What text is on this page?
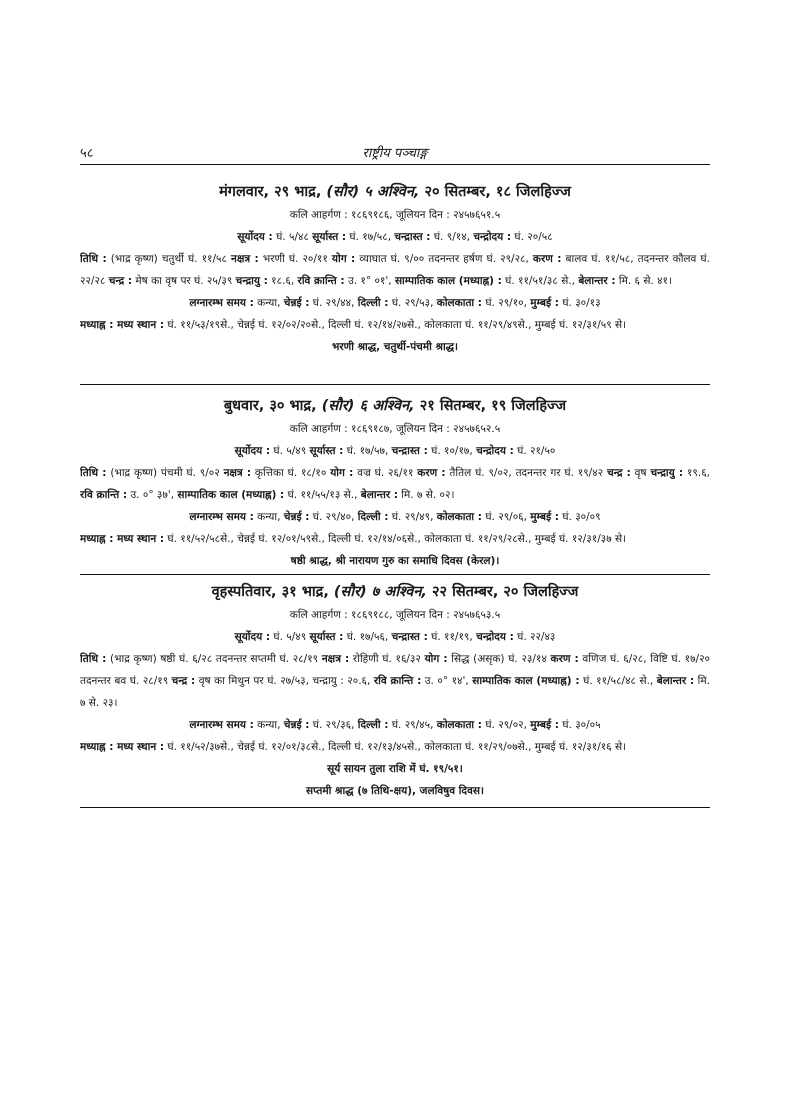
५८	राष्ट्रीय पञ्चाङ्ग

मंगलवार, २९ भाद्र, (सौर) ५ अश्विन, २० सितम्बर, १८ जिलहिज्ज

कलि आहर्गण : १८६९१८६, जूलियन दिन : २४५७६५१.५

सूर्योदय : घं. ५/४८ सूर्यास्त : घं. १७/५८, चन्द्रास्त : घं. ९/१४, चन्द्रोदय : घं. २०/५८

तिथि : (भाद्र कृष्ण) चतुर्थी घं. ११/५८ नक्षत्र : भरणी घं. २०/११ योग : व्याघात घं. ९/०० तदनन्तर हर्षण घं. २९/२८, करण : बालव घं. ११/५८, तदनन्तर कौलव घं. २२/२८ चन्द्र : मेष का वृष पर घं. २५/३९ चन्द्रायु : १८.६, रवि क्रान्ति : उ. १° ०१', साम्पातिक काल (मध्याह्न) : घं. ११/५१/३८ से., बेलान्तर : मि. ६ से. ४१।

लग्नारम्भ समय : कन्या, चेन्नई : घं. २९/४४, दिल्ली : घं. २९/५३, कोलकाता : घं. २९/१०, मुम्बई : घं. ३०/१३

मध्याह्न : मध्य स्थान : घं. ११/५३/१९से., चेन्नई घं. १२/०२/२०से., दिल्ली घं. १२/१४/२७से., कोलकाता घं. ११/२९/४९से., मुम्बई घं. १२/३१/५९ से।

भरणी श्राद्ध, चतुर्थी-पंचमी श्राद्ध।

बुधवार, ३० भाद्र, (सौर) ६ अश्विन, २१ सितम्बर, १९ जिलहिज्ज

कलि आहर्गण : १८६९१८७, जूलियन दिन : २४५७६५२.५

सूर्योदय : घं. ५/४९ सूर्यास्त : घं. १७/५७, चन्द्रास्त : घं. १०/१७, चन्द्रोदय : घं. २१/५०

तिथि : (भाद्र कृष्ण) पंचमी घं. ९/०२ नक्षत्र : कृत्तिका घं. १८/१० योग : वज्र घं. २६/११ करण : तैतिल घं. ९/०२, तदनन्तर गर घं. १९/४२ चन्द्र : वृष चन्द्रायु : १९.६, रवि क्रान्ति : उ. ०° ३७', साम्पातिक काल (मध्याह्न) : घं. ११/५५/१३ से., बेलान्तर : मि. ७ से. ०२।

लग्नारम्भ समय : कन्या, चेन्नई : घं. २९/४०, दिल्ली : घं. २९/४९, कोलकाता : घं. २९/०६, मुम्बई : घं. ३०/०९

मध्याह्न : मध्य स्थान : घं. ११/५२/५८से., चेन्नई घं. १२/०१/५९से., दिल्ली घं. १२/१४/०६से., कोलकाता घं. ११/२९/२८से., मुम्बई घं. १२/३१/३७ से।

षष्ठी श्राद्ध, श्री नारायण गुरु का समाधि दिवस (केरल)।

वृहस्पतिवार, ३१ भाद्र, (सौर) ७ अश्विन, २२ सितम्बर, २० जिलहिज्ज

कलि आहर्गण : १८६९१८८, जूलियन दिन : २४५७६५३.५

सूर्योदय : घं. ५/४९ सूर्यास्त : घं. १७/५६, चन्द्रास्त : घं. ११/१९, चन्द्रोदय : घं. २२/४३

तिथि : (भाद्र कृष्ण) षष्ठी घं. ६/२८ तदनन्तर सप्तमी घं. २८/१९ नक्षत्र : रोहिणी घं. १६/३२ योग : सिद्ध (असृक) घं. २३/१४ करण : वणिज घं. ६/२८, विष्टि घं. १७/२० तदनन्तर बव घं. २८/१९ चन्द्र : वृष का मिथुन पर घं. २७/५३, चन्द्रायु : २०.६, रवि क्रान्ति : उ. ०° १४', साम्पातिक काल (मध्याह्न) : घं. ११/५८/४८ से., बेलान्तर : मि. ७ से. २३।

लग्नारम्भ समय : कन्या, चेन्नई : घं. २९/३६, दिल्ली : घं. २९/४५, कोलकाता : घं. २९/०२, मुम्बई : घं. ३०/०५

मध्याह्न : मध्य स्थान : घं. ११/५२/३७से., चेन्नई घं. १२/०१/३८से., दिल्ली घं. १२/१३/४५से., कोलकाता घं. ११/२९/०७से., मुम्बई घं. १२/३१/१६ से।

सूर्य सायन तुला राशि में घं. १९/५१।

सप्तमी श्राद्ध (७ तिथि-क्षय), जलविषुव दिवस।
